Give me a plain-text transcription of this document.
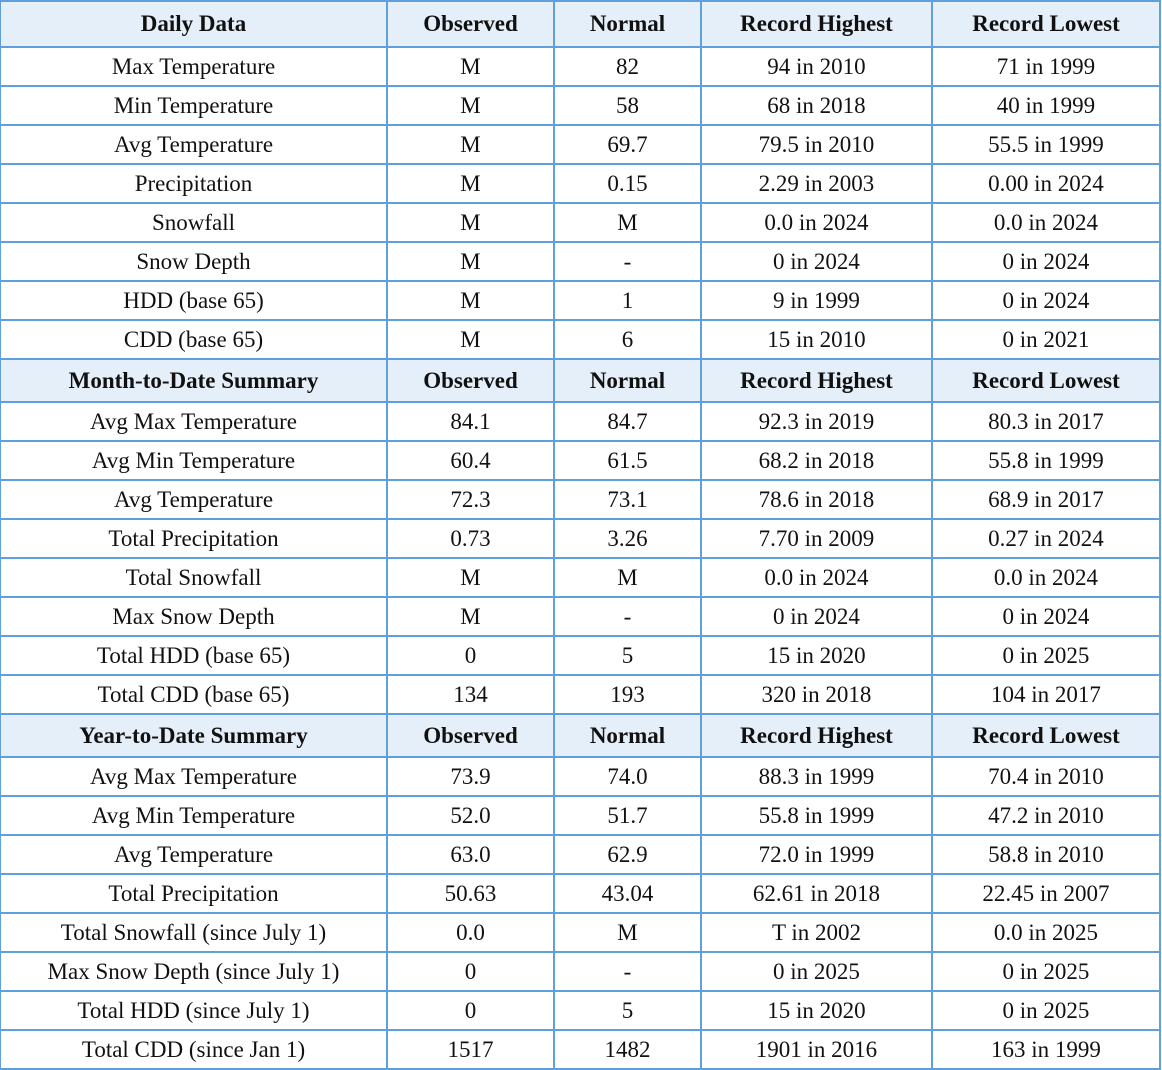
Daily Data	Observed	Normal	Record Highest	Record Lowest
Max Temperature	M	82	94 in 2010	71 in 1999
Min Temperature	M	58	68 in 2018	40 in 1999
Avg Temperature	M	69.7	79.5 in 2010	55.5 in 1999
Precipitation	M	0.15	2.29 in 2003	0.00 in 2024
Snowfall	M	M	0.0 in 2024	0.0 in 2024
Snow Depth	M	-	0 in 2024	0 in 2024
HDD (base 65)	M	1	9 in 1999	0 in 2024
CDD (base 65)	M	6	15 in 2010	0 in 2021
Month-to-Date Summary	Observed	Normal	Record Highest	Record Lowest
Avg Max Temperature	84.1	84.7	92.3 in 2019	80.3 in 2017
Avg Min Temperature	60.4	61.5	68.2 in 2018	55.8 in 1999
Avg Temperature	72.3	73.1	78.6 in 2018	68.9 in 2017
Total Precipitation	0.73	3.26	7.70 in 2009	0.27 in 2024
Total Snowfall	M	M	0.0 in 2024	0.0 in 2024
Max Snow Depth	M	-	0 in 2024	0 in 2024
Total HDD (base 65)	0	5	15 in 2020	0 in 2025
Total CDD (base 65)	134	193	320 in 2018	104 in 2017
Year-to-Date Summary	Observed	Normal	Record Highest	Record Lowest
Avg Max Temperature	73.9	74.0	88.3 in 1999	70.4 in 2010
Avg Min Temperature	52.0	51.7	55.8 in 1999	47.2 in 2010
Avg Temperature	63.0	62.9	72.0 in 1999	58.8 in 2010
Total Precipitation	50.63	43.04	62.61 in 2018	22.45 in 2007
Total Snowfall (since July 1)	0.0	M	T in 2002	0.0 in 2025
Max Snow Depth (since July 1)	0	-	0 in 2025	0 in 2025
Total HDD (since July 1)	0	5	15 in 2020	0 in 2025
Total CDD (since Jan 1)	1517	1482	1901 in 2016	163 in 1999
